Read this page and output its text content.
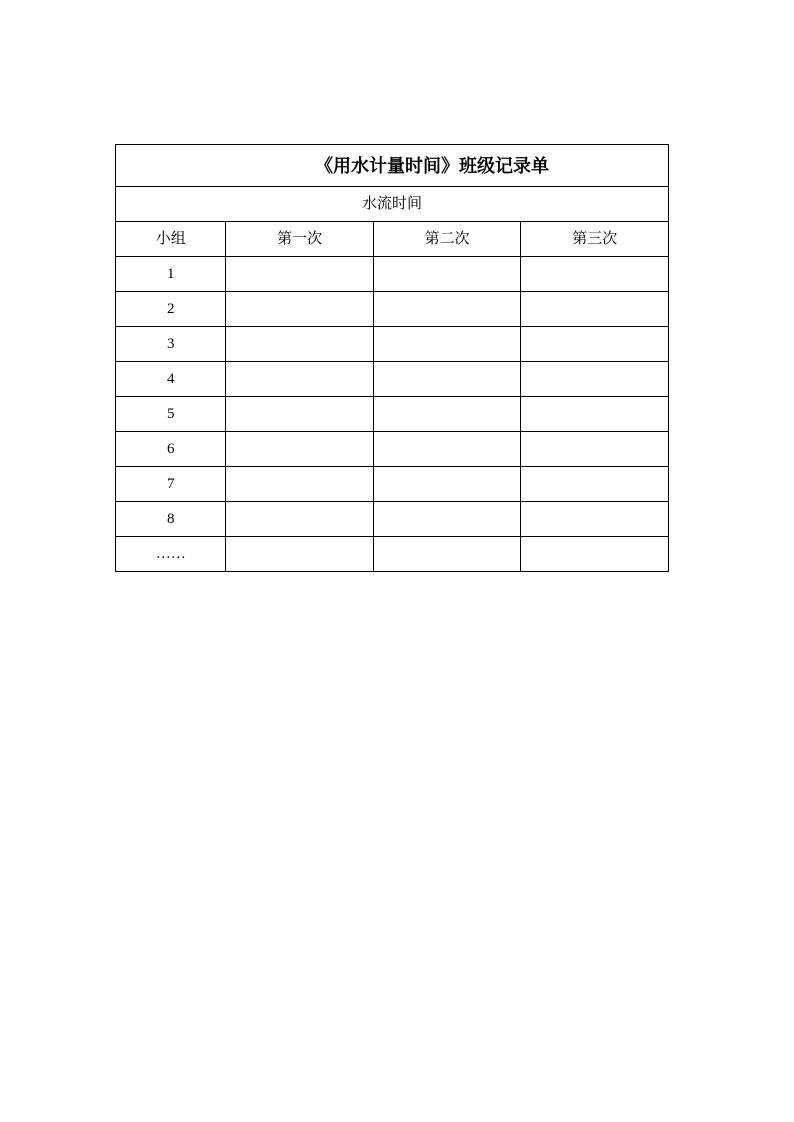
《用水计量时间》班级记录单			
水流时间			
小组	第一次	第二次	第三次
1			
2			
3			
4			
5			
6			
7			
8			
……			
